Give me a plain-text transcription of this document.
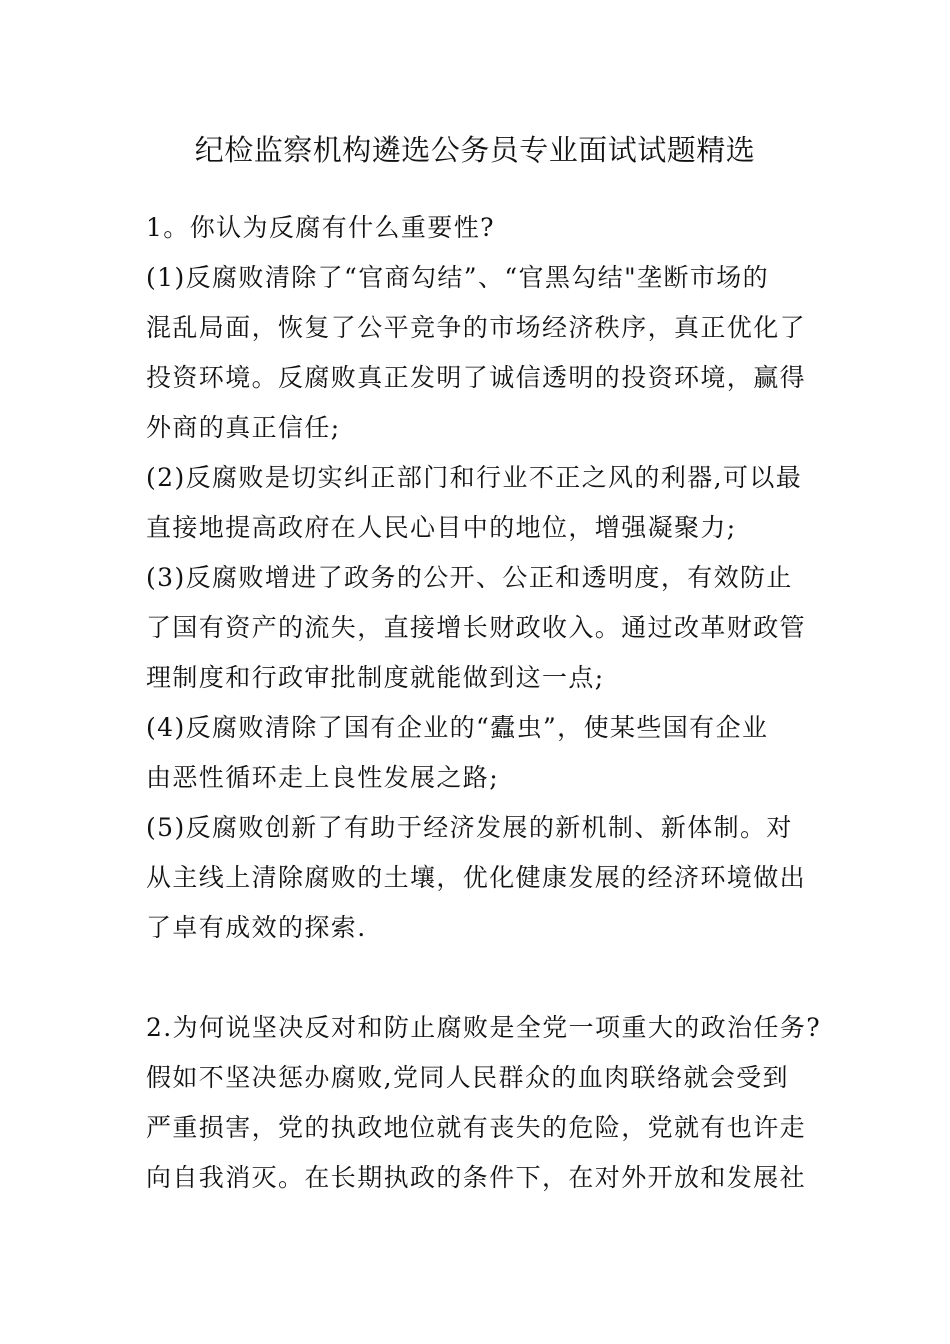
纪检监察机构遴选公务员专业面试试题精选
1。你认为反腐有什么重要性?
(1)反腐败清除了“官商勾结”、“官黑勾结"垄断市场的
混乱局面，恢复了公平竞争的市场经济秩序，真正优化了
投资环境。反腐败真正发明了诚信透明的投资环境，赢得
外商的真正信任;
(2)反腐败是切实纠正部门和行业不正之风的利器,可以最
直接地提高政府在人民心目中的地位，增强凝聚力;
(3)反腐败增进了政务的公开、公正和透明度，有效防止
了国有资产的流失，直接增长财政收入。通过改革财政管
理制度和行政审批制度就能做到这一点;
(4)反腐败清除了国有企业的“蠹虫”，使某些国有企业
由恶性循环走上良性发展之路;
(5)反腐败创新了有助于经济发展的新机制、新体制。对
从主线上清除腐败的土壤，优化健康发展的经济环境做出
了卓有成效的探索.
2.为何说坚决反对和防止腐败是全党一项重大的政治任务?
假如不坚决惩办腐败,党同人民群众的血肉联络就会受到
严重损害，党的执政地位就有丧失的危险，党就有也许走
向自我消灭。在长期执政的条件下，在对外开放和发展社
